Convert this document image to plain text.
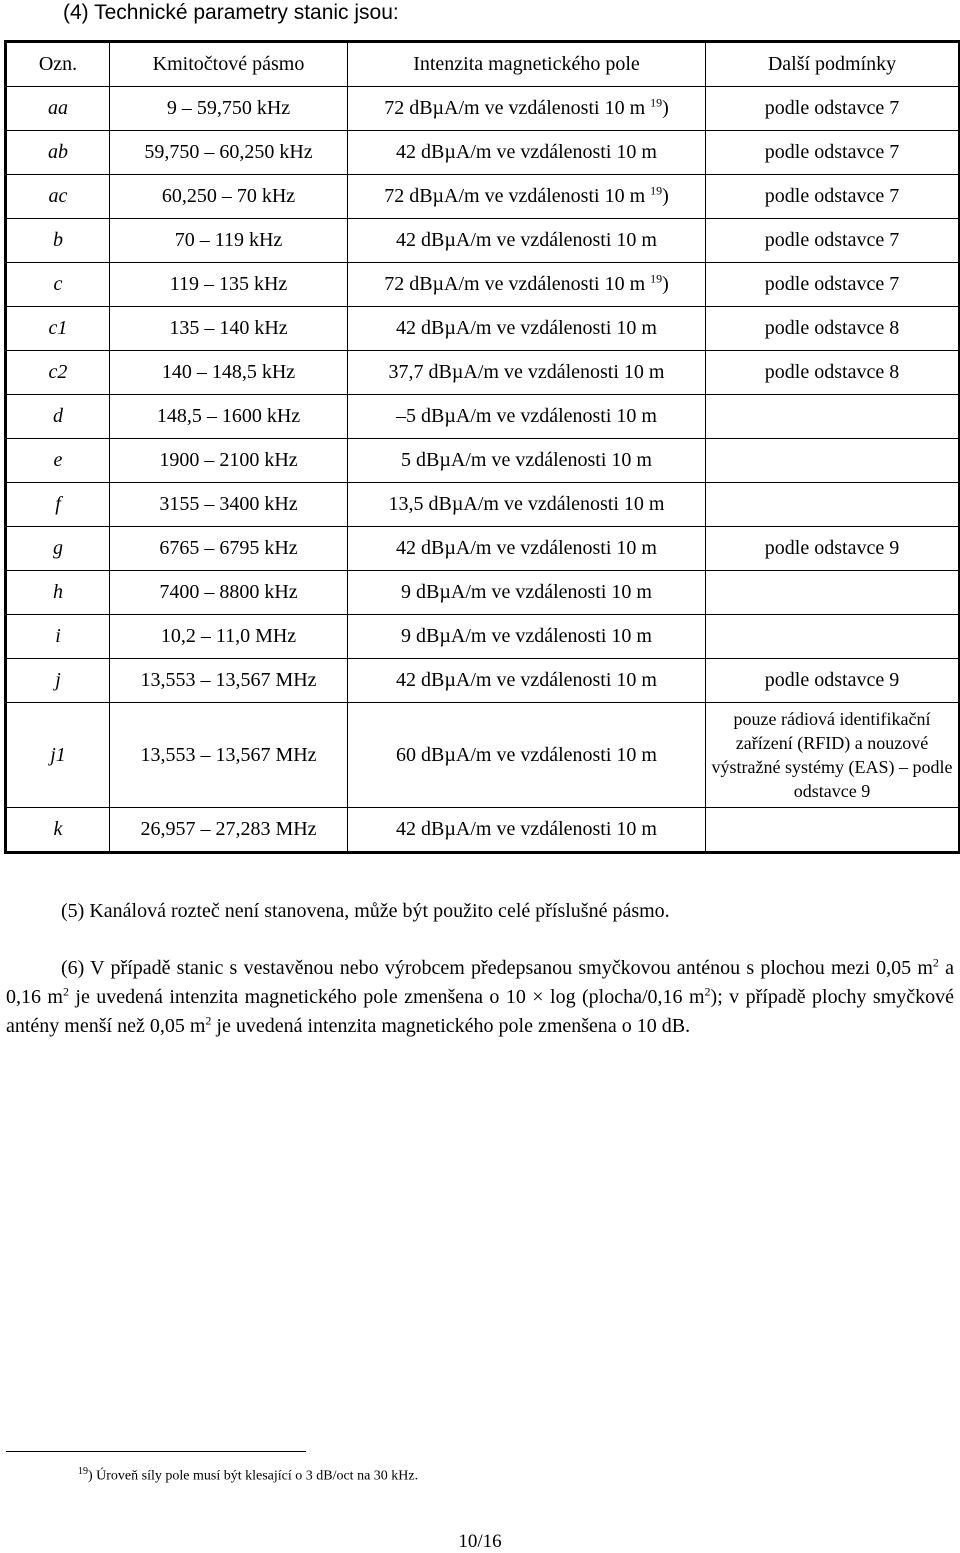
(4) Technické parametry stanic jsou:
Ozn.	Kmitočtové pásmo	Intenzita magnetického pole	Další podmínky
aa	9 – 59,750 kHz	72 dBµA/m ve vzdálenosti 10 m $^{19}$)	podle odstavce 7
ab	59,750 – 60,250 kHz	42 dBµA/m ve vzdálenosti 10 m	podle odstavce 7
ac	60,250 – 70 kHz	72 dBµA/m ve vzdálenosti 10 m $^{19}$)	podle odstavce 7
b	70 – 119 kHz	42 dBµA/m ve vzdálenosti 10 m	podle odstavce 7
c	119 – 135 kHz	72 dBµA/m ve vzdálenosti 10 m $^{19}$)	podle odstavce 7
c1	135 – 140 kHz	42 dBµA/m ve vzdálenosti 10 m	podle odstavce 8
c2	140 – 148,5 kHz	37,7 dBµA/m ve vzdálenosti 10 m	podle odstavce 8
d	148,5 – 1600 kHz	–5 dBµA/m ve vzdálenosti 10 m	
e	1900 – 2100 kHz	5 dBµA/m ve vzdálenosti 10 m	
f	3155 – 3400 kHz	13,5 dBµA/m ve vzdálenosti 10 m	
g	6765 – 6795 kHz	42 dBµA/m ve vzdálenosti 10 m	podle odstavce 9
h	7400 – 8800 kHz	9 dBµA/m ve vzdálenosti 10 m	
i	10,2 – 11,0 MHz	9 dBµA/m ve vzdálenosti 10 m	
j	13,553 – 13,567 MHz	42 dBµA/m ve vzdálenosti 10 m	podle odstavce 9
j1	13,553 – 13,567 MHz	60 dBµA/m ve vzdálenosti 10 m	pouze rádiová identifikační zařízení (RFID) a nouzové výstražné systémy (EAS) – podle odstavce 9
k	26,957 – 27,283 MHz	42 dBµA/m ve vzdálenosti 10 m	
(5) Kanálová rozteč není stanovena, může být použito celé příslušné pásmo.
(6) V případě stanic s vestavěnou nebo výrobcem předepsanou smyčkovou anténou s plochou mezi 0,05 $m^2$ a 0,16 $m^2$ je uvedená intenzita magnetického pole zmenšena o 10 × log (plocha/0,16 $m^2$); v případě plochy smyčkové antény menší než 0,05 $m^2$ je uvedená intenzita magnetického pole zmenšena o 10 dB.
$^{19}$) Úroveň síly pole musí být klesající o 3 dB/oct na 30 kHz.
10/16
